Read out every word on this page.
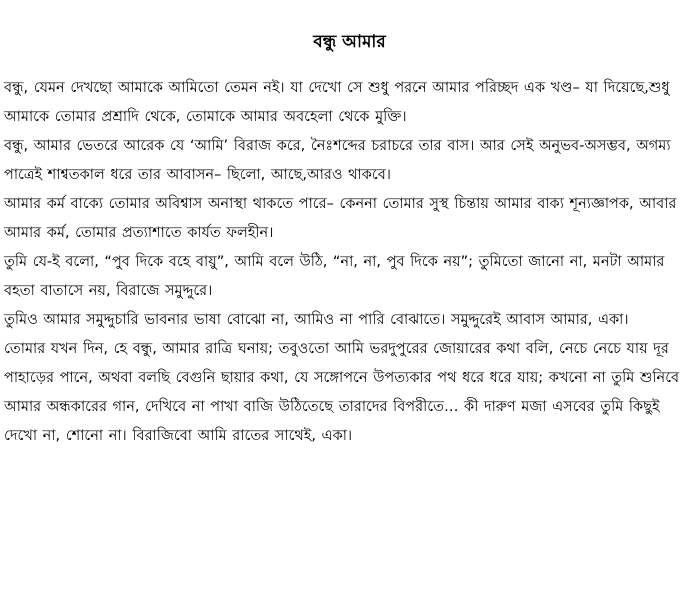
বন্ধু আমার

বন্ধু, যেমন দেখছো আমাকে আমিতো তেমন নই। যা দেখো সে শুধু পরনে আমার পরিচ্ছদ এক খণ্ড– যা দিয়েছে,শুধু আমাকে তোমার প্রশ্রাদি থেকে, তোমাকে আমার অবহেলা থেকে মুক্তি।

বন্ধু, আমার ভেতরে আরেক যে ‘আমি’ বিরাজ করে, নৈঃশব্দের চরাচরে তার বাস। আর সেই অনুভব-অসম্ভব, অগম্য পাত্রেই শাশ্বতকাল ধরে তার আবাসন– ছিলো, আছে,আরও থাকবে।

আমার কর্ম বাক্যে তোমার অবিশ্বাস অনাস্থা থাকতে পারে– কেননা তোমার সুস্থ চিন্তায় আমার বাক্য শূন্যজ্ঞাপক, আবার আমার কর্ম, তোমার প্রত্যাশাতে কার্যত ফলহীন।

তুমি যে-ই বলো, “পুব দিকে বহে বায়ু”, আমি বলে উঠি, “না, না, পুব দিকে নয়”; তুমিতো জানো না, মনটা আমার বহতা বাতাসে নয়, বিরাজে সমুদ্দুরে।

তুমিও আমার সমুদ্দুচারি ভাবনার ভাষা বোঝো না, আমিও না পারি বোঝাতে। সমুদ্দুরেই আবাস আমার, একা।

তোমার যখন দিন, হে বন্ধু, আমার রাত্রি ঘনায়; তবুওতো আমি ভরদুপুরের জোয়ারের কথা বলি, নেচে নেচে যায় দূর পাহাড়ের পানে, অথবা বলছি বেগুনি ছায়ার কথা, যে সঙ্গোপনে উপত্যকার পথ ধরে ধরে যায়; কখনো না তুমি শুনিবে আমার অন্ধকারের গান, দেখিবে না পাখা বাজি উঠিতেছে তারাদের বিপরীতে… কী দারুণ মজা এসবের তুমি কিছুই দেখো না, শোনো না। বিরাজিবো আমি রাতের সাথেই, একা।
